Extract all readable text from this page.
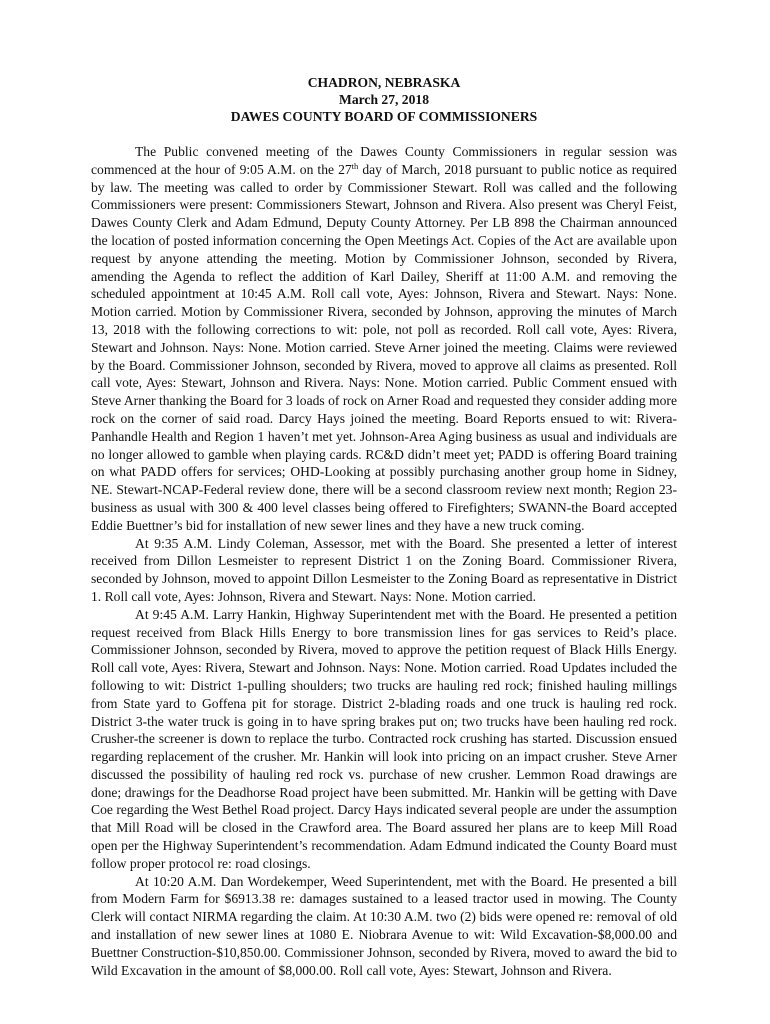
CHADRON, NEBRASKA
March 27, 2018
DAWES COUNTY BOARD OF COMMISSIONERS

The Public convened meeting of the Dawes County Commissioners in regular session was commenced at the hour of 9:05 A.M. on the 27th day of March, 2018 pursuant to public notice as required by law. The meeting was called to order by Commissioner Stewart. Roll was called and the following Commissioners were present: Commissioners Stewart, Johnson and Rivera. Also present was Cheryl Feist, Dawes County Clerk and Adam Edmund, Deputy County Attorney. Per LB 898 the Chairman announced the location of posted information concerning the Open Meetings Act. Copies of the Act are available upon request by anyone attending the meeting. Motion by Commissioner Johnson, seconded by Rivera, amending the Agenda to reflect the addition of Karl Dailey, Sheriff at 11:00 A.M. and removing the scheduled appointment at 10:45 A.M. Roll call vote, Ayes: Johnson, Rivera and Stewart. Nays: None. Motion carried. Motion by Commissioner Rivera, seconded by Johnson, approving the minutes of March 13, 2018 with the following corrections to wit: pole, not poll as recorded. Roll call vote, Ayes: Rivera, Stewart and Johnson. Nays: None. Motion carried. Steve Arner joined the meeting. Claims were reviewed by the Board. Commissioner Johnson, seconded by Rivera, moved to approve all claims as presented. Roll call vote, Ayes: Stewart, Johnson and Rivera. Nays: None. Motion carried. Public Comment ensued with Steve Arner thanking the Board for 3 loads of rock on Arner Road and requested they consider adding more rock on the corner of said road. Darcy Hays joined the meeting. Board Reports ensued to wit: Rivera-Panhandle Health and Region 1 haven’t met yet. Johnson-Area Aging business as usual and individuals are no longer allowed to gamble when playing cards. RC&D didn’t meet yet; PADD is offering Board training on what PADD offers for services; OHD-Looking at possibly purchasing another group home in Sidney, NE. Stewart-NCAP-Federal review done, there will be a second classroom review next month; Region 23-business as usual with 300 & 400 level classes being offered to Firefighters; SWANN-the Board accepted Eddie Buettner’s bid for installation of new sewer lines and they have a new truck coming.

At 9:35 A.M. Lindy Coleman, Assessor, met with the Board. She presented a letter of interest received from Dillon Lesmeister to represent District 1 on the Zoning Board. Commissioner Rivera, seconded by Johnson, moved to appoint Dillon Lesmeister to the Zoning Board as representative in District 1. Roll call vote, Ayes: Johnson, Rivera and Stewart. Nays: None. Motion carried.

At 9:45 A.M. Larry Hankin, Highway Superintendent met with the Board. He presented a petition request received from Black Hills Energy to bore transmission lines for gas services to Reid’s place. Commissioner Johnson, seconded by Rivera, moved to approve the petition request of Black Hills Energy. Roll call vote, Ayes: Rivera, Stewart and Johnson. Nays: None. Motion carried. Road Updates included the following to wit: District 1-pulling shoulders; two trucks are hauling red rock; finished hauling millings from State yard to Goffena pit for storage. District 2-blading roads and one truck is hauling red rock. District 3-the water truck is going in to have spring brakes put on; two trucks have been hauling red rock. Crusher-the screener is down to replace the turbo. Contracted rock crushing has started. Discussion ensued regarding replacement of the crusher. Mr. Hankin will look into pricing on an impact crusher. Steve Arner discussed the possibility of hauling red rock vs. purchase of new crusher. Lemmon Road drawings are done; drawings for the Deadhorse Road project have been submitted. Mr. Hankin will be getting with Dave Coe regarding the West Bethel Road project. Darcy Hays indicated several people are under the assumption that Mill Road will be closed in the Crawford area. The Board assured her plans are to keep Mill Road open per the Highway Superintendent’s recommendation. Adam Edmund indicated the County Board must follow proper protocol re: road closings.

At 10:20 A.M. Dan Wordekemper, Weed Superintendent, met with the Board. He presented a bill from Modern Farm for $6913.38 re: damages sustained to a leased tractor used in mowing. The County Clerk will contact NIRMA regarding the claim. At 10:30 A.M. two (2) bids were opened re: removal of old and installation of new sewer lines at 1080 E. Niobrara Avenue to wit: Wild Excavation-$8,000.00 and Buettner Construction-$10,850.00. Commissioner Johnson, seconded by Rivera, moved to award the bid to Wild Excavation in the amount of $8,000.00. Roll call vote, Ayes: Stewart, Johnson and Rivera.
